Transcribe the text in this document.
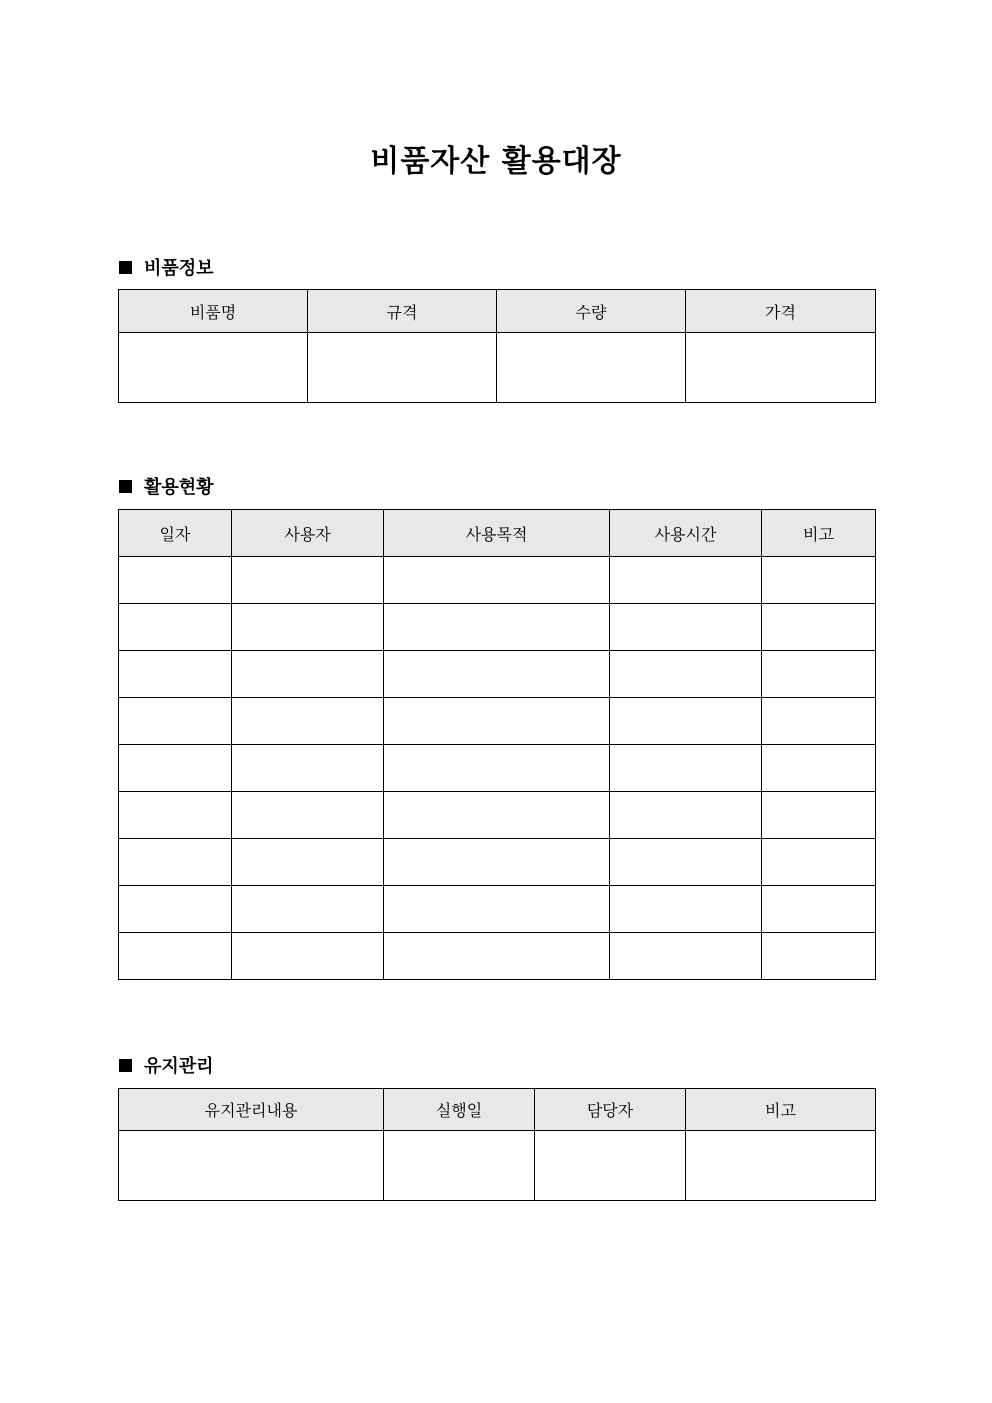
비품자산 활용대장
비품정보
비품명	규격	수량	가격

활용현황
일자	사용자	사용목적	사용시간	비고

유지관리
유지관리내용	실행일	담당자	비고
